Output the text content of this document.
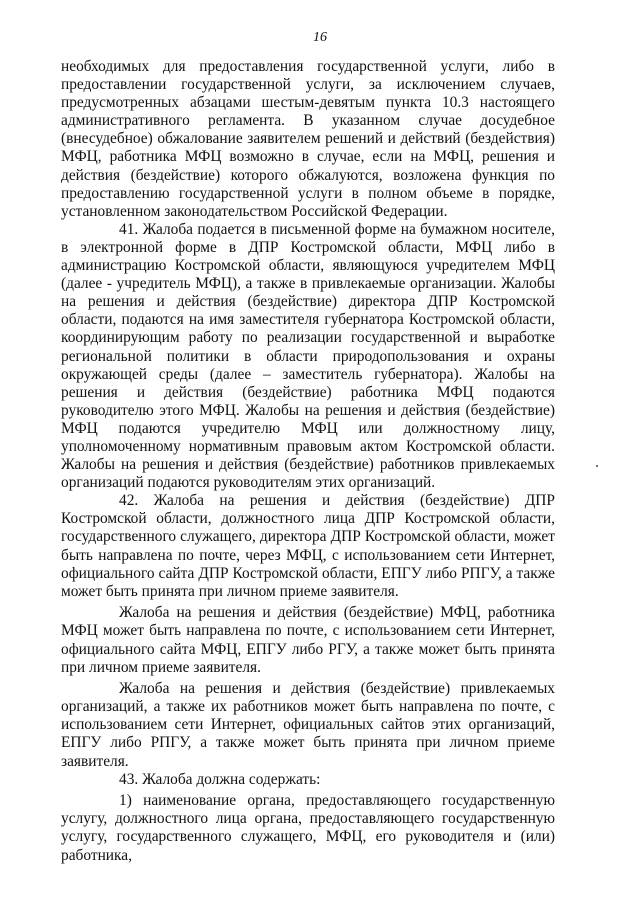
16

необходимых для предоставления государственной услуги, либо в предоставлении государственной услуги, за исключением случаев, предусмотренных абзацами шестым-девятым пункта 10.3 настоящего административного регламента. В указанном случае досудебное (внесудебное) обжалование заявителем решений и действий (бездействия) МФЦ, работника МФЦ возможно в случае, если на МФЦ, решения и действия (бездействие) которого обжалуются, возложена функция по предоставлению государственной услуги в полном объеме в порядке, установленном законодательством Российской Федерации.

41. Жалоба подается в письменной форме на бумажном носителе, в электронной форме в ДПР Костромской области, МФЦ либо в администрацию Костромской области, являющуюся учредителем МФЦ (далее - учредитель МФЦ), а также в привлекаемые организации. Жалобы на решения и действия (бездействие) директора ДПР Костромской области, подаются на имя заместителя губернатора Костромской области, координирующим работу по реализации государственной и выработке региональной политики в области природопользования и охраны окружающей среды (далее – заместитель губернатора). Жалобы на решения и действия (бездействие) работника МФЦ подаются руководителю этого МФЦ. Жалобы на решения и действия (бездействие) МФЦ подаются учредителю МФЦ или должностному лицу, уполномоченному нормативным правовым актом Костромской области. Жалобы на решения и действия (бездействие) работников привлекаемых организаций подаются руководителям этих организаций.

42. Жалоба на решения и действия (бездействие) ДПР Костромской области, должностного лица ДПР Костромской области, государственного служащего, директора ДПР Костромской области, может быть направлена по почте, через МФЦ, с использованием сети Интернет, официального сайта ДПР Костромской области, ЕПГУ либо РПГУ, а также может быть принята при личном приеме заявителя.

Жалоба на решения и действия (бездействие) МФЦ, работника МФЦ может быть направлена по почте, с использованием сети Интернет, официального сайта МФЦ, ЕПГУ либо РГУ, а также может быть принята при личном приеме заявителя.

Жалоба на решения и действия (бездействие) привлекаемых организаций, а также их работников может быть направлена по почте, с использованием сети Интернет, официальных сайтов этих организаций, ЕПГУ либо РПГУ, а также может быть принята при личном приеме заявителя.

43. Жалоба должна содержать:

1) наименование органа, предоставляющего государственную услугу, должностного лица органа, предоставляющего государственную услугу, государственного служащего, МФЦ, его руководителя и (или) работника,
